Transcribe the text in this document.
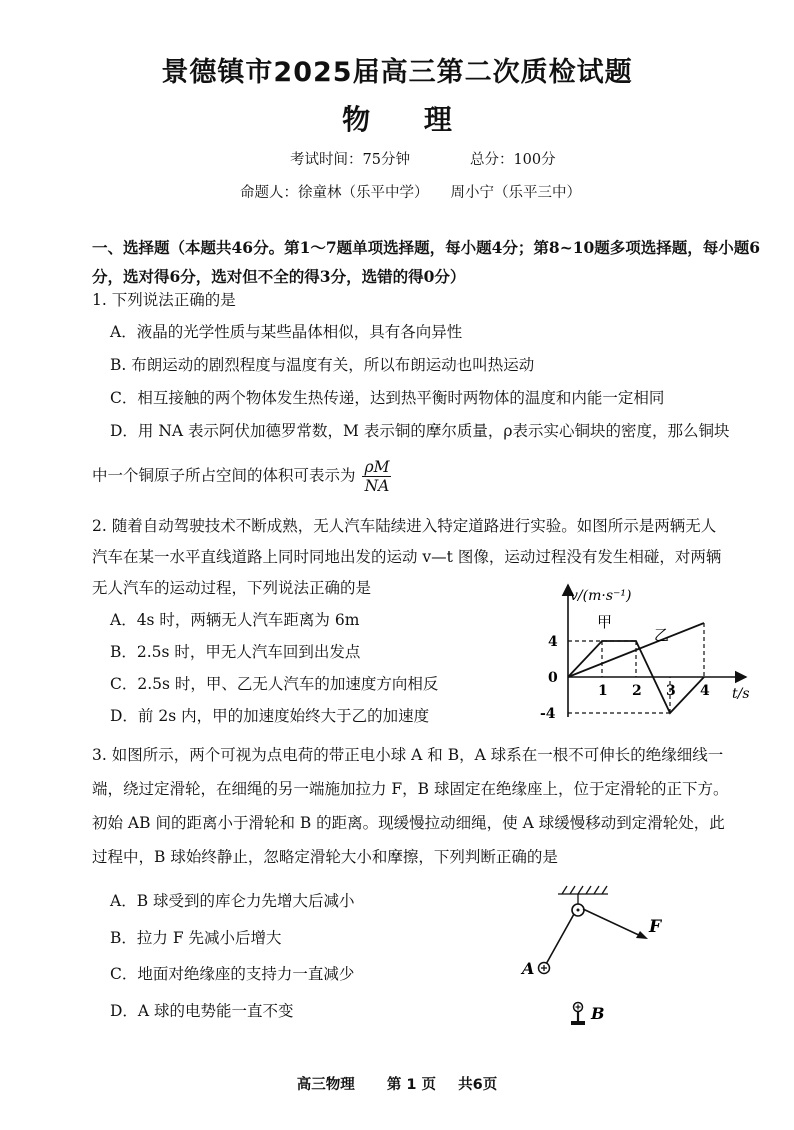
景德镇市2025届高三第二次质检试题
物 理
考试时间：75分钟	总分：100分
命题人：徐童林（乐平中学） 周小宁（乐平三中）
一、选择题（本题共46分。第1～7题单项选择题，每小题4分；第8~10题多项选择题，每小题6分，选对得6分，选对但不全的得3分，选错的得0分）
1. 下列说法正确的是
A．液晶的光学性质与某些晶体相似，具有各向异性
B. 布朗运动的剧烈程度与温度有关，所以布朗运动也叫热运动
C．相互接触的两个物体发生热传递，达到热平衡时两物体的温度和内能一定相同
D．用 NA 表示阿伏加德罗常数，M 表示铜的摩尔质量，ρ表示实心铜块的密度，那么铜块
中一个铜原子所占空间的体积可表示为 $\frac{\rho M}{NA}$
2. 随着自动驾驶技术不断成熟，无人汽车陆续进入特定道路进行实验。如图所示是两辆无人
汽车在某一水平直线道路上同时同地出发的运动 v—t 图像，运动过程没有发生相碰，对两辆
无人汽车的运动过程，下列说法正确的是
A．4s 时，两辆无人汽车距离为 6m
B．2.5s 时，甲无人汽车回到出发点
C．2.5s 时，甲、乙无人汽车的加速度方向相反
D．前 2s 内，甲的加速度始终大于乙的加速度
1 2 3 4
4
0
-4
v/(m·s⁻¹)
t/s
甲
乙
3. 如图所示，两个可视为点电荷的带正电小球 A 和 B，A 球系在一根不可伸长的绝缘细线一
端，绕过定滑轮，在细绳的另一端施加拉力 F，B 球固定在绝缘座上，位于定滑轮的正下方。
初始 AB 间的距离小于滑轮和 B 的距离。现缓慢拉动细绳，使 A 球缓慢移动到定滑轮处，此
过程中，B 球始终静止，忽略定滑轮大小和摩擦，下列判断正确的是
A．B 球受到的库仑力先增大后减小
B．拉力 F 先减小后增大
C．地面对绝缘座的支持力一直减少
D．A 球的电势能一直不变
F
A
B
高三物理 第 1 页 共6页
